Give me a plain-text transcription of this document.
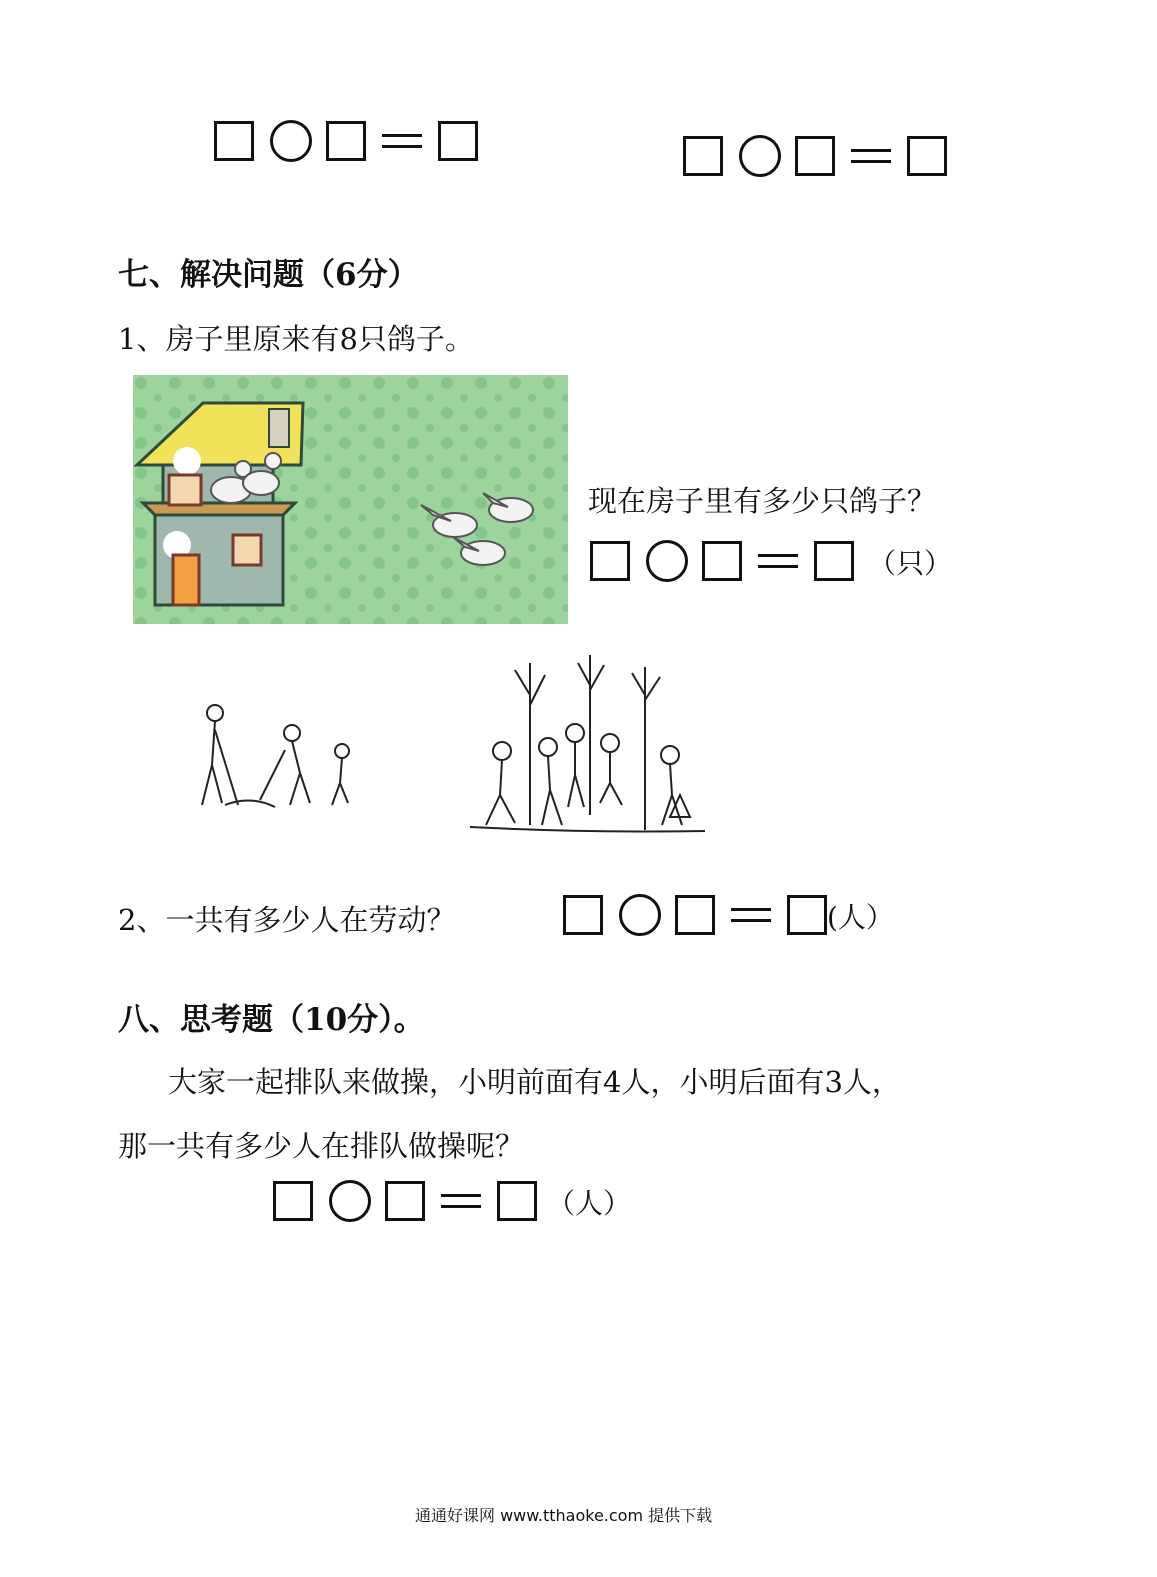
七、解决问题（6分）
1、房子里原来有8只鸽子。
现在房子里有多少只鸽子？
（只）
2、一共有多少人在劳动？	(人）
八、思考题（10分）。
大家一起排队来做操，小明前面有4人，小明后面有3人，
那一共有多少人在排队做操呢？
（人）
通通好课网 www.tthaoke.com 提供下载
